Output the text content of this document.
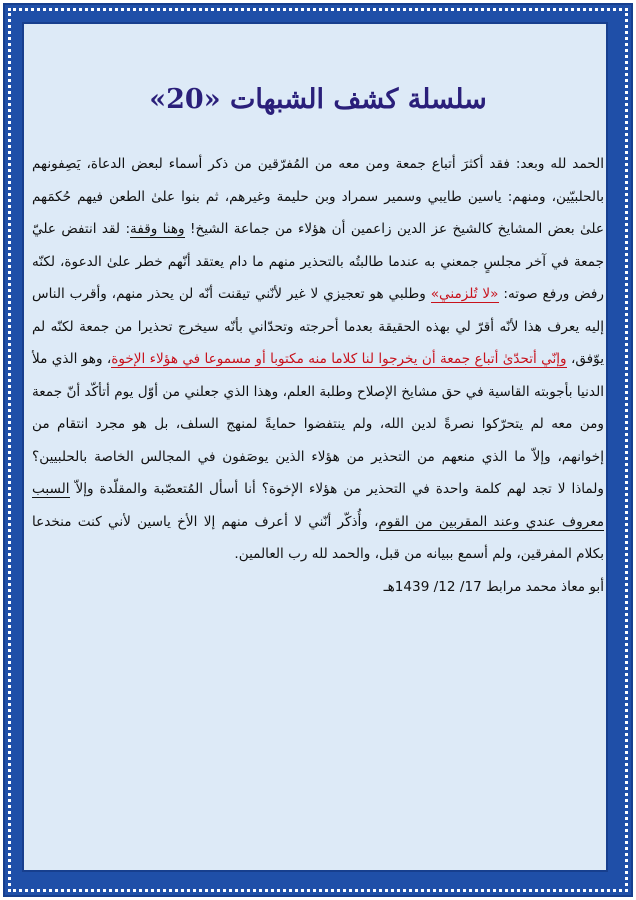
سلسلة كشف الشبهات «20»
الحمد لله وبعد: فقد أكثرَ أتباع جمعة ومن معه من المُفرّقين من ذكر أسماء لبعض الدعاة، يَصِفونهم بالحلبيّين، ومنهم: ياسين طايبي وسمير سمراد وبن حليمة وغيرهم، ثم بنوا علىٰ الطعن فيهم حُكمَهم علىٰ بعض المشايخ كالشيخ عز الدين زاعمين أن هؤلاء من جماعة الشيخ! وهنا وقفة: لقد انتفض عليّ جمعة في آخر مجلسٍ جمعني به عندما طالبتُه بالتحذير منهم ما دام يعتقد أنّهم خطر علىٰ الدعوة، لكنّه رفض ورفع صوته: «لا تُلزمني» وطلبي هو تعجيزي لا غير لأنّني تيقنت أنّه لن يحذر منهم، وأقرب الناس إليه يعرف هذا لأنّه أقرّ لي بهذه الحقيقة بعدما أحرجته وتحدّاني بأنّه سيخرج تحذيرا من جمعة لكنّه لم يوّفق، وإنّي أتحدّىٰ أتباع جمعة أن يخرجوا لنا كلاما منه مكتوبا أو مسموعا في هؤلاء الإخوة، وهو الذي ملأ الدنيا بأجوبته القاسية في حق مشايخ الإصلاح وطلبة العلم، وهذا الذي جعلني من أوّل يوم أتأكّد أنّ جمعة ومن معه لم يتحرّكوا نصرةً لدين الله، ولم ينتفضوا حمايةً لمنهج السلف، بل هو مجرد انتقام من إخوانهم، وإلاّ ما الذي منعهم من التحذير من هؤلاء الذين يوصَفون في المجالس الخاصة بالحلبيين؟ ولماذا لا تجد لهم كلمة واحدة في التحذير من هؤلاء الإخوة؟ أنا أسأل المُتعصّبة والمقلّدة وإلاّ السبب معروف عندي وعند المقربين من القوم، وأُذكّر أنّني لا أعرف منهم إلا الأخ ياسين لأني كنت منخدعا بكلام المفرقين، ولم أسمع ببيانه من قبل، والحمد لله رب العالمين.
أبو معاذ محمد مرابط 17/ 12/ 1439هـ
